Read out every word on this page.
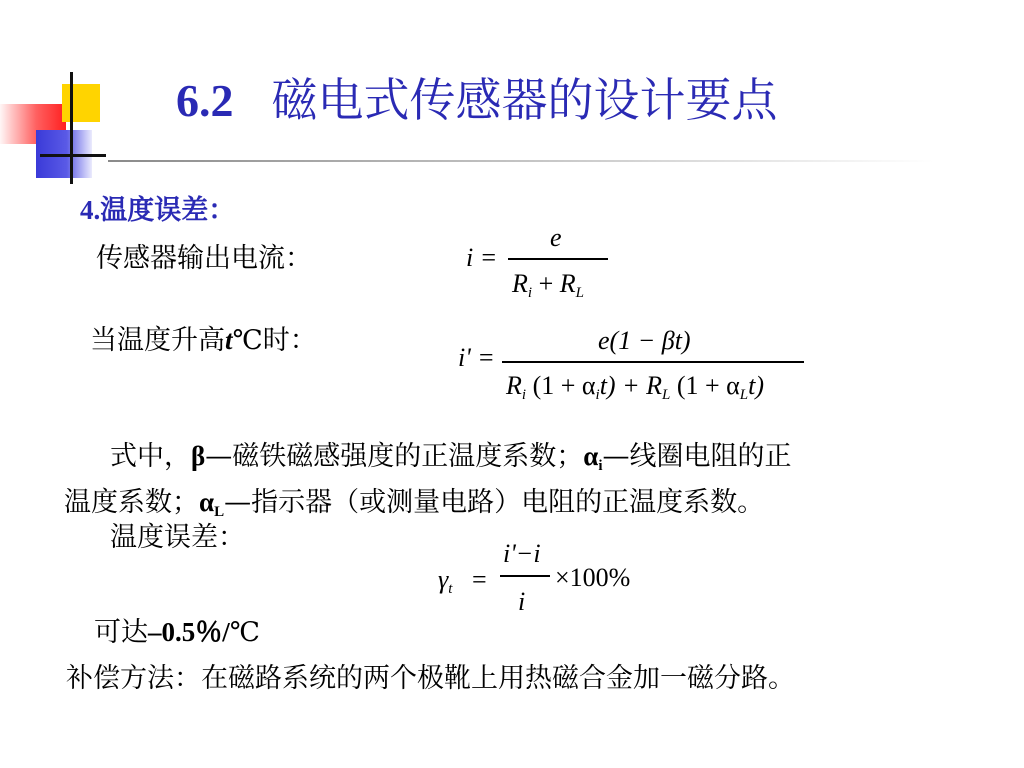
6.2 磁电式传感器的设计要点
4.温度误差：
传感器输出电流：	i =
e
$R_i + R_L$
当温度升高t℃时：
i' =
e(1 − βt)
$R_i$ $(1 + \alpha_it) + R_L$ $(1 + \alpha_Lt)$
式中，β—磁铁磁感强度的正温度系数；$\alpha_i—$线圈电阻的正
温度系数；$\alpha_L—$指示器（或测量电路）电阻的正温度系数。
温度误差：
$\gamma_t$ =
i'−i
i
×100%
可达–0.5％/℃
补偿方法：在磁路系统的两个极靴上用热磁合金加一磁分路。
